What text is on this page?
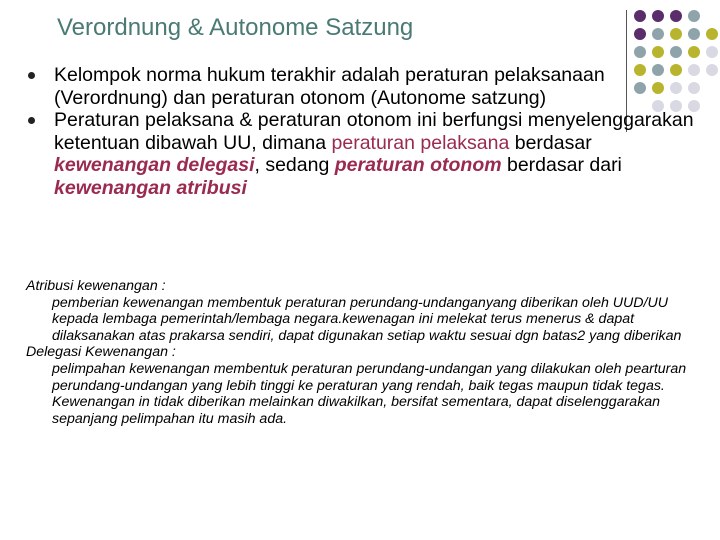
Verordnung & Autonome Satzung
Kelompok norma hukum terakhir adalah peraturan pelaksanaan (Verordnung) dan peraturan otonom (Autonome satzung)
Peraturan pelaksana & peraturan otonom ini berfungsi menyelenggarakan ketentuan dibawah UU, dimana peraturan pelaksana berdasar kewenangan delegasi, sedang peraturan otonom berdasar dari kewenangan atribusi

Atribusi kewenangan :

pemberian kewenangan membentuk peraturan perundang-undanganyang diberikan oleh UUD/UU kepada lembaga pemerintah/lembaga negara.kewenagan ini melekat terus menerus & dapat dilaksanakan atas prakarsa sendiri, dapat digunakan setiap waktu sesuai dgn batas2 yang diberikan

Delegasi Kewenangan :

pelimpahan kewenangan membentuk peraturan perundang-undangan yang dilakukan oleh pearturan perundang-undangan yang lebih tinggi ke peraturan yang rendah, baik tegas maupun tidak tegas. Kewenangan in tidak diberikan melainkan diwakilkan, bersifat sementara, dapat diselenggarakan sepanjang pelimpahan itu masih ada.
